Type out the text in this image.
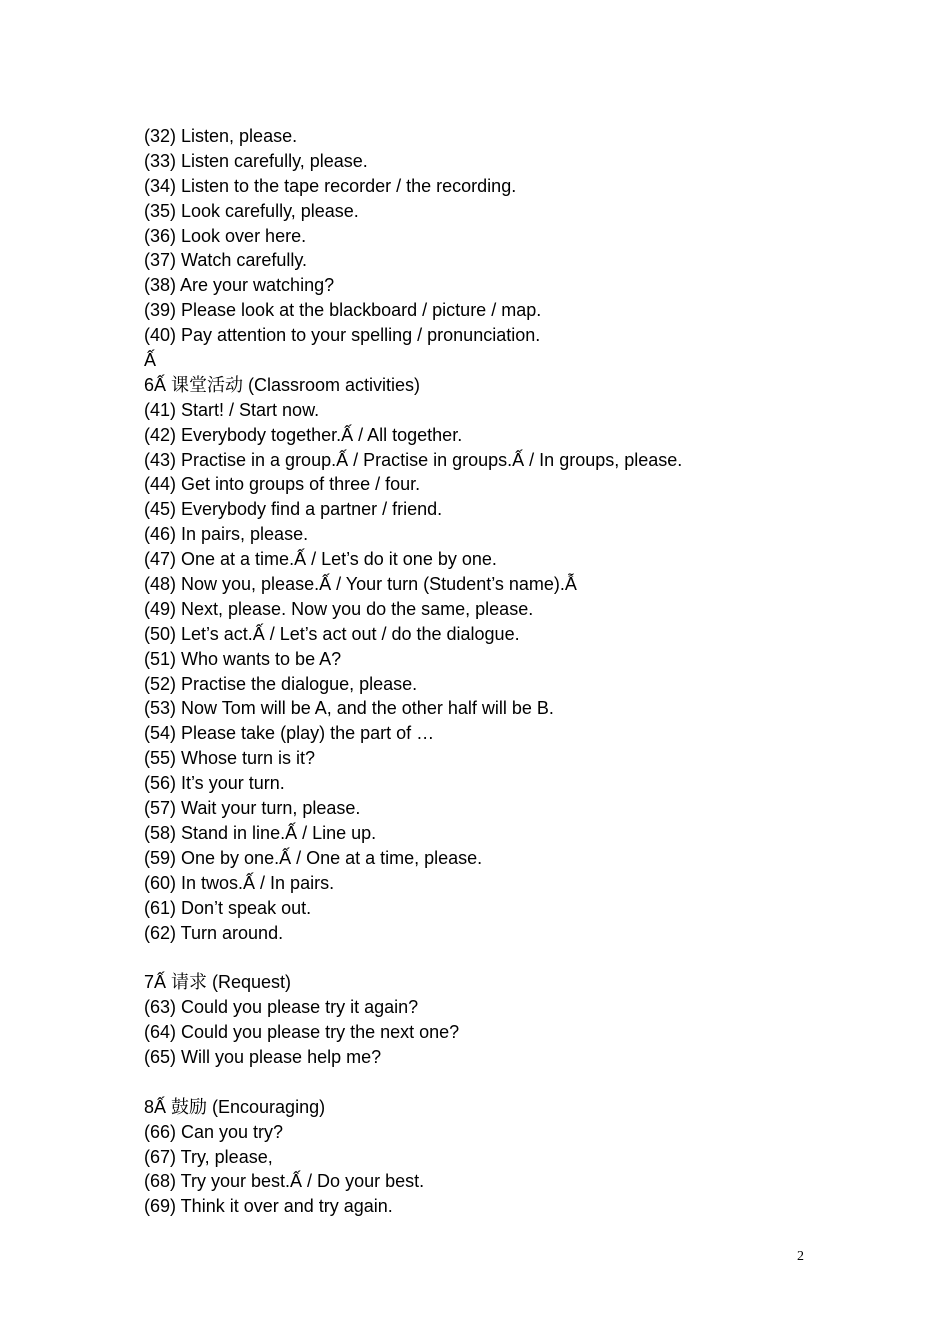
(32) Listen, please.
(33) Listen carefully, please.
(34) Listen to the tape recorder / the recording.
(35) Look carefully, please.
(36) Look over here.
(37) Watch carefully.
(38) Are your watching?
(39) Please look at the blackboard / picture / map.
(40) Pay attention to your spelling / pronunciation.
Ấ
6Ấ 课堂活动 (Classroom activities)
(41) Start! / Start now.
(42) Everybody together.Ấ / All together.
(43) Practise in a group.Ấ / Practise in groups.Ấ / In groups, please.
(44) Get into groups of three / four.
(45) Everybody find a partner / friend.
(46) In pairs, please.
(47) One at a time.Ấ / Let’s do it one by one.
(48) Now you, please.Ấ / Your turn (Student’s name).Ẫ
(49) Next, please. Now you do the same, please.
(50) Let’s act.Ấ / Let’s act out / do the dialogue.
(51) Who wants to be A?
(52) Practise the dialogue, please.
(53) Now Tom will be A, and the other half will be B.
(54) Please take (play) the part of …
(55) Whose turn is it?
(56) It’s your turn.
(57) Wait your turn, please.
(58) Stand in line.Ấ / Line up.
(59) One by one.Ấ / One at a time, please.
(60) In twos.Ấ / In pairs.
(61) Don’t speak out.
(62) Turn around.
7Ấ 请求 (Request)
(63) Could you please try it again?
(64) Could you please try the next one?
(65) Will you please help me?
8Ấ 鼓励 (Encouraging)
(66) Can you try?
(67) Try, please,
(68) Try your best.Ấ / Do your best.
(69) Think it over and try again.
2
